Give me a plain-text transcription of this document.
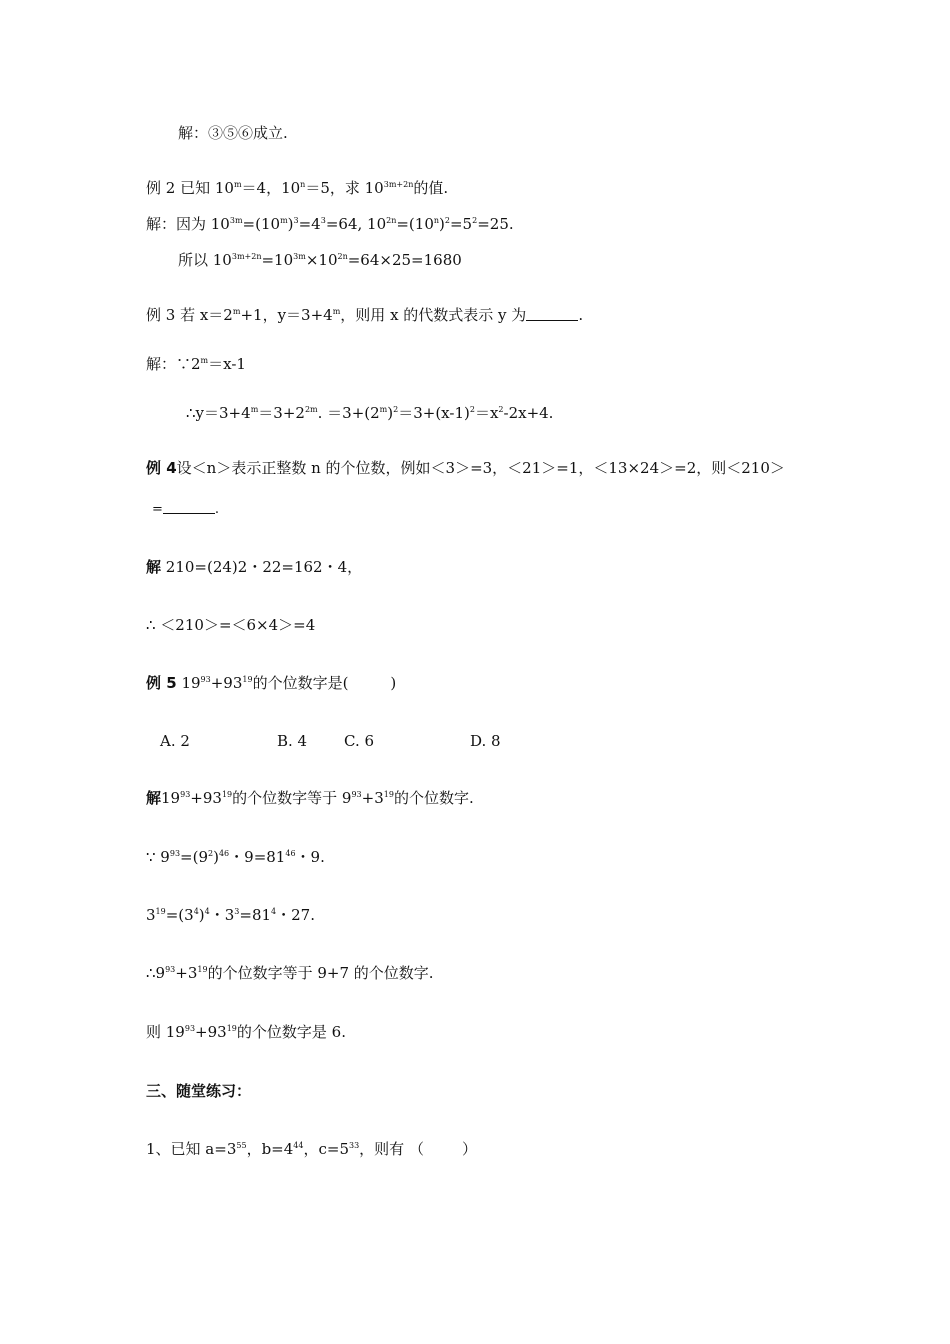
解：③⑤⑥成立.
例 2 已知 $10^m=4$，$10^n=5$，求 $10^{3m+2n}$的值.
解：因为 $10^{3m}=(10^m)^3=4^3=64$, $10^{2n}=(10^n)^2=5^2=25$.
所以 $10^{3m+2n}=10^{3m}\times 10^{2n}=64\times 25=1680$
例 3 若 $x=2^m+1$，$y=3+4^m$，则用 x 的代数式表示 y 为	.
解：$\because 2^m=x-1$
$\therefore y=3+4^m=3+2^{2m}$. $=3+(2^m)^2=3+(x-1)^2=x^2-2x+4$.
例 4设＜n＞表示正整数 n 的个位数，例如＜3＞=3，＜21＞=1，＜13×24＞=2，则＜210＞
=	.
解 210=(24)2・22=162・4，
∴ ＜210＞=＜6×4＞=4
例 5 $19^{93}+93^{19}$的个位数字是(	)
A. 2	B. 4 C. 6	D. 8
解$19^{93}+93^{19}$的个位数字等于 $9^{93}+3^{19}$的个位数字.
∵ $9^{93}=(9^2)^{46}$・$9=81^{46}$・9.
$3^{19}=(3^4)^4$・$3^3=81^4$・27.
$\therefore 9^{93}+3^{19}$的个位数字等于 9+7 的个位数字.
则 $19^{93}+93^{19}$的个位数字是 6.
三、随堂练习：
1、已知 $a=3^{55}$，$b=4^{44}$，$c=5^{33}$，则有 （	）
